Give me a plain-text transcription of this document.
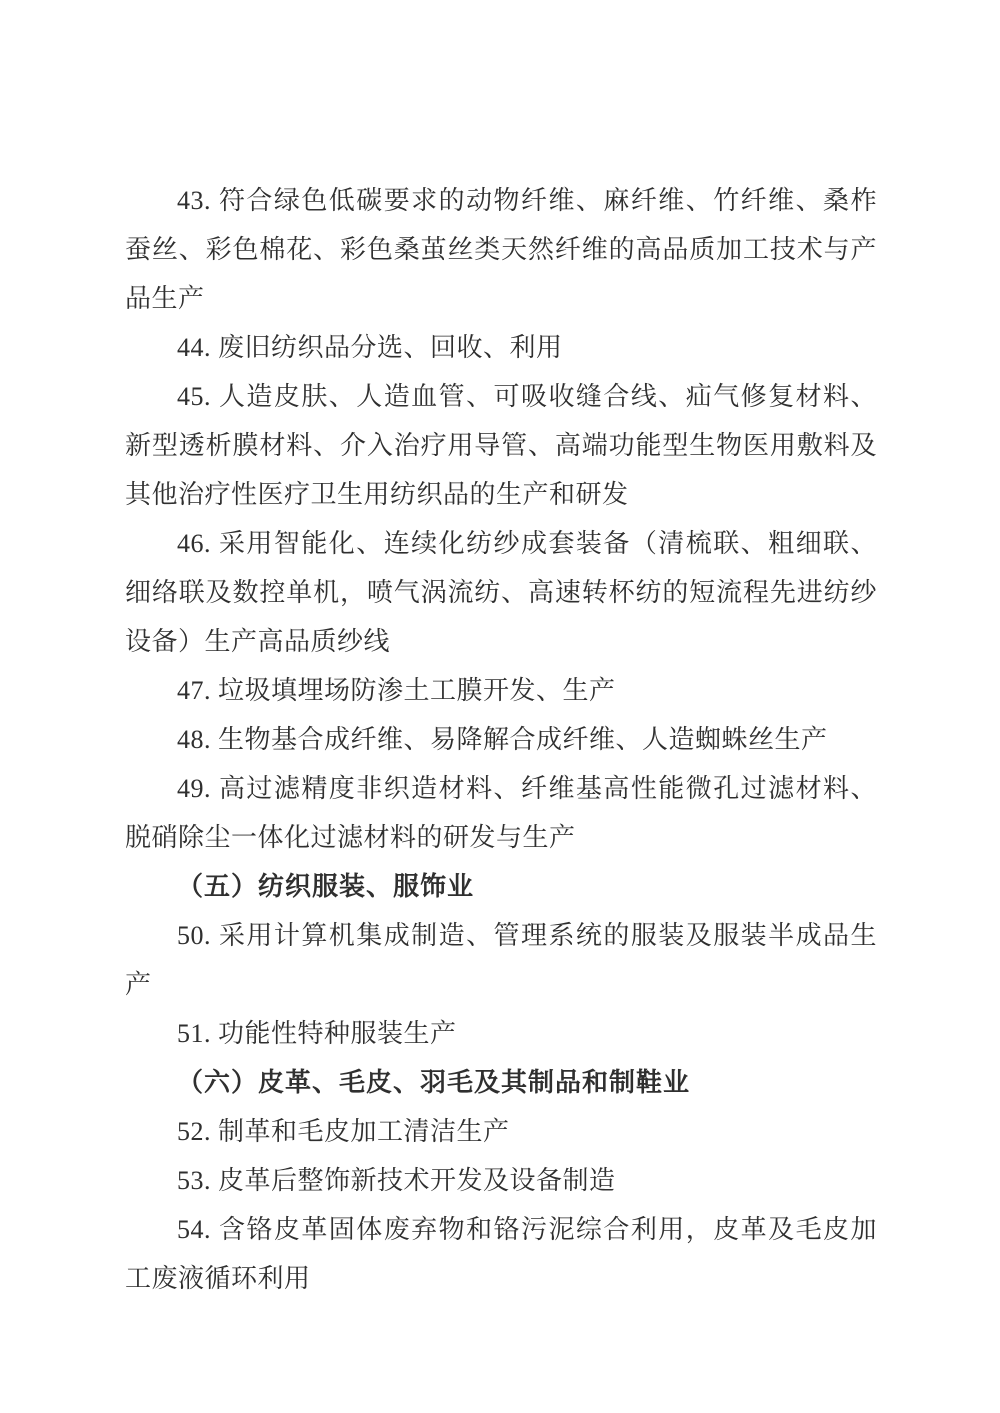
43. 符合绿色低碳要求的动物纤维、麻纤维、竹纤维、桑柞蚕丝、彩色棉花、彩色桑茧丝类天然纤维的高品质加工技术与产品生产

44. 废旧纺织品分选、回收、利用

45. 人造皮肤、人造血管、可吸收缝合线、疝气修复材料、新型透析膜材料、介入治疗用导管、高端功能型生物医用敷料及其他治疗性医疗卫生用纺织品的生产和研发

46. 采用智能化、连续化纺纱成套装备（清梳联、粗细联、细络联及数控单机，喷气涡流纺、高速转杯纺的短流程先进纺纱设备）生产高品质纱线

47. 垃圾填埋场防渗土工膜开发、生产

48. 生物基合成纤维、易降解合成纤维、人造蜘蛛丝生产

49. 高过滤精度非织造材料、纤维基高性能微孔过滤材料、脱硝除尘一体化过滤材料的研发与生产

（五）纺织服装、服饰业

50. 采用计算机集成制造、管理系统的服装及服装半成品生产

51. 功能性特种服装生产

（六）皮革、毛皮、羽毛及其制品和制鞋业

52. 制革和毛皮加工清洁生产

53. 皮革后整饰新技术开发及设备制造

54. 含铬皮革固体废弃物和铬污泥综合利用，皮革及毛皮加工废液循环利用
